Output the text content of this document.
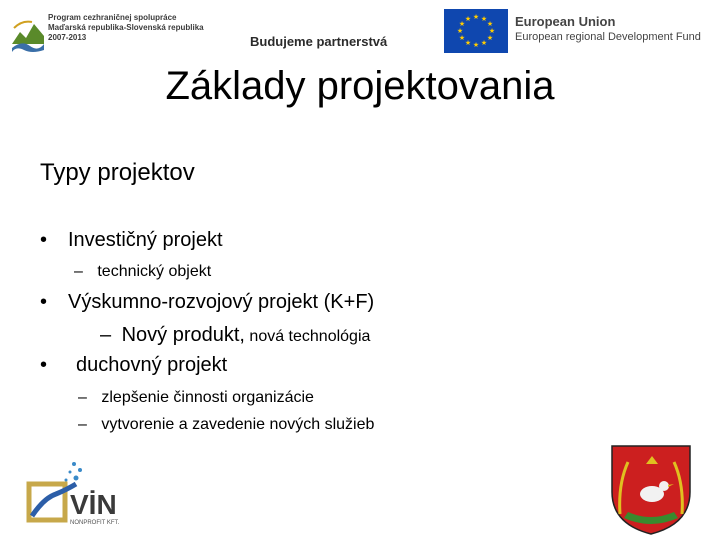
Program cezhraničnej spolupráce
Maďarská republika-Slovenská republika
2007-2013	Budujeme partnerstvá
★ ★
★
★
★
★
★
★
★
★
★
★	European Union
European regional Development Fund
Základy projektovania
Typy projektov
• Investičný projekt
– technický objekt
• Výskumno-rozvojový projekt (K+F)
– Nový produkt, nová technológia
• duchovný projekt
– zlepšenie činnosti organizácie
– vytvorenie a zavedenie nových služieb
VİN
NONPROFIT KFT.
